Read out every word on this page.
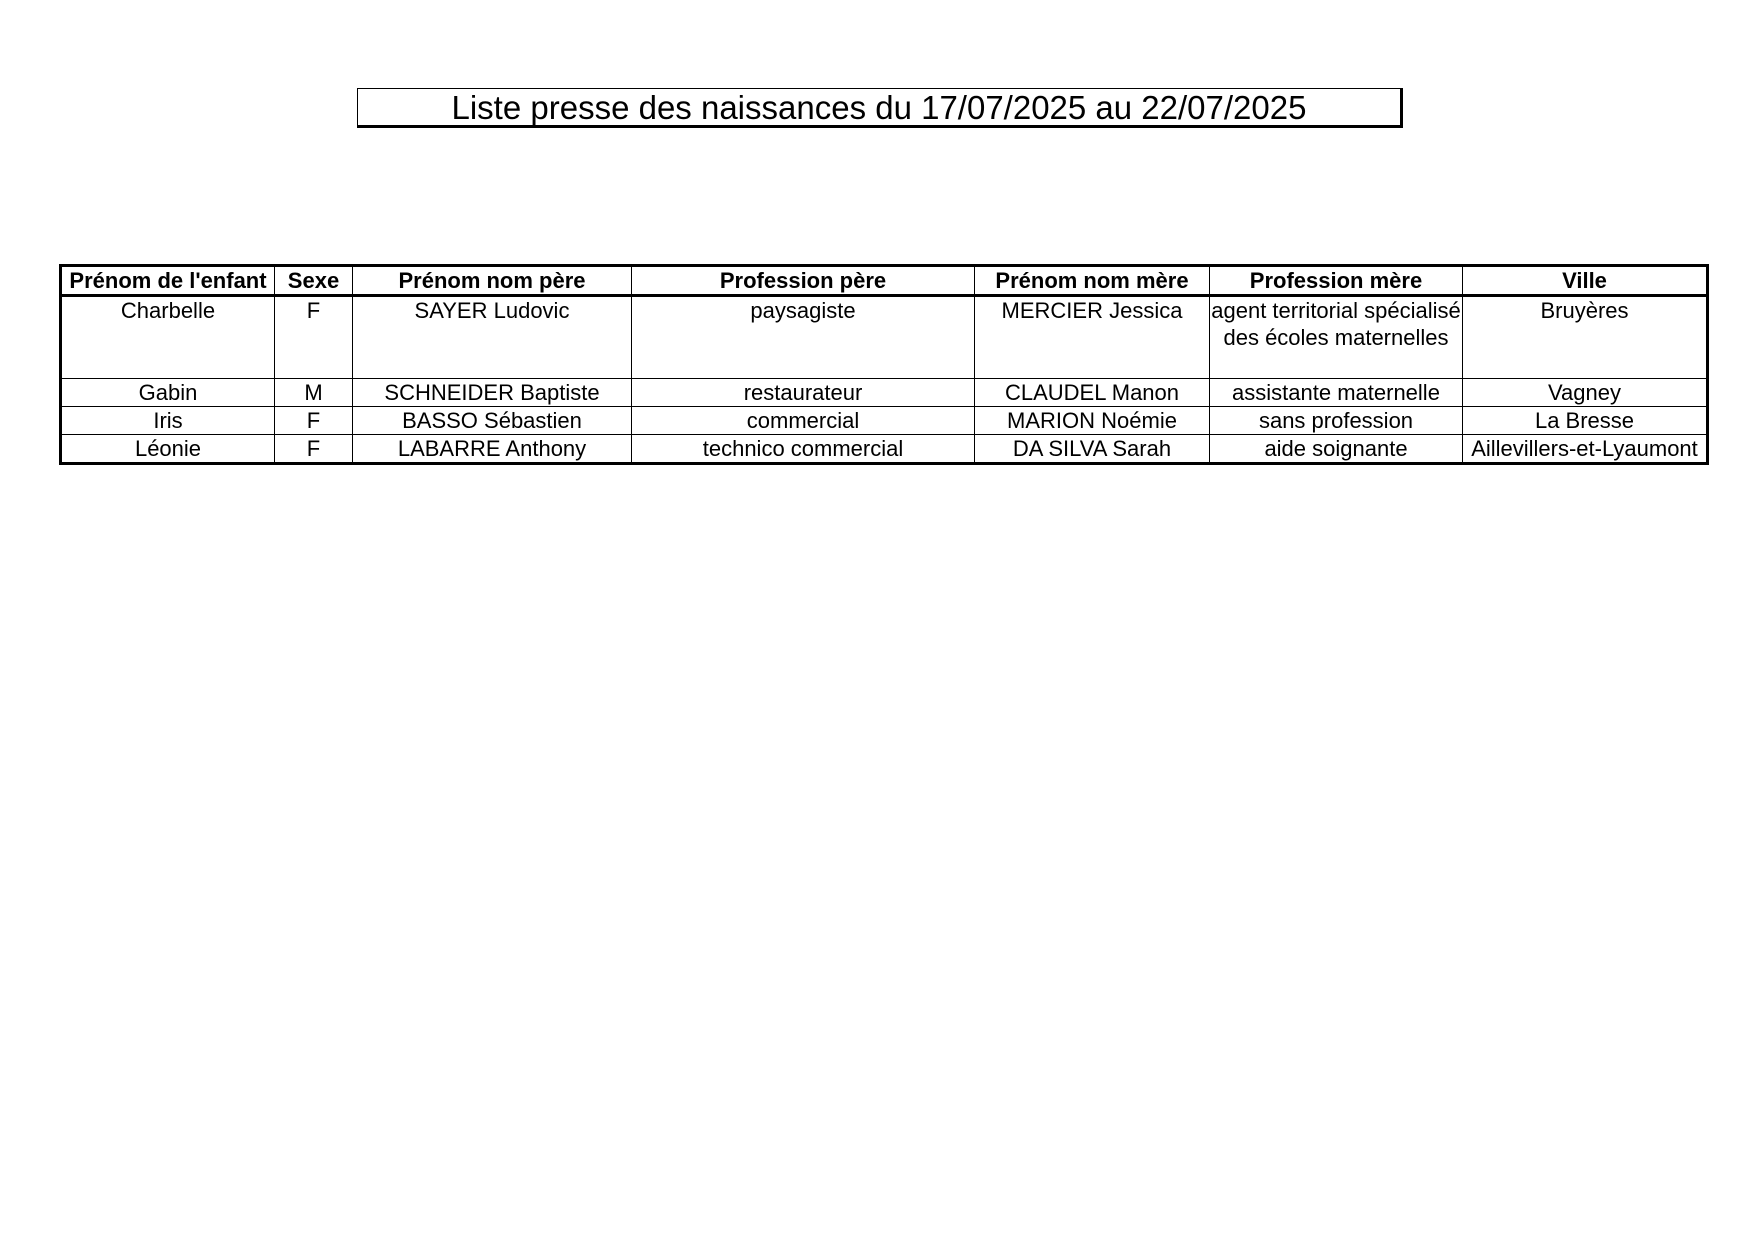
Liste presse des naissances du 17/07/2025 au 22/07/2025
Prénom de l'enfant	Sexe	Prénom nom père	Profession père	Prénom nom mère	Profession mère	Ville
Charbelle	F	SAYER Ludovic	paysagiste	MERCIER Jessica	agent territorial spécialisé des écoles maternelles	Bruyères
Gabin	M	SCHNEIDER Baptiste	restaurateur	CLAUDEL Manon	assistante maternelle	Vagney
Iris	F	BASSO Sébastien	commercial	MARION Noémie	sans profession	La Bresse
Léonie	F	LABARRE Anthony	technico commercial	DA SILVA Sarah	aide soignante	Aillevillers-et-Lyaumont
